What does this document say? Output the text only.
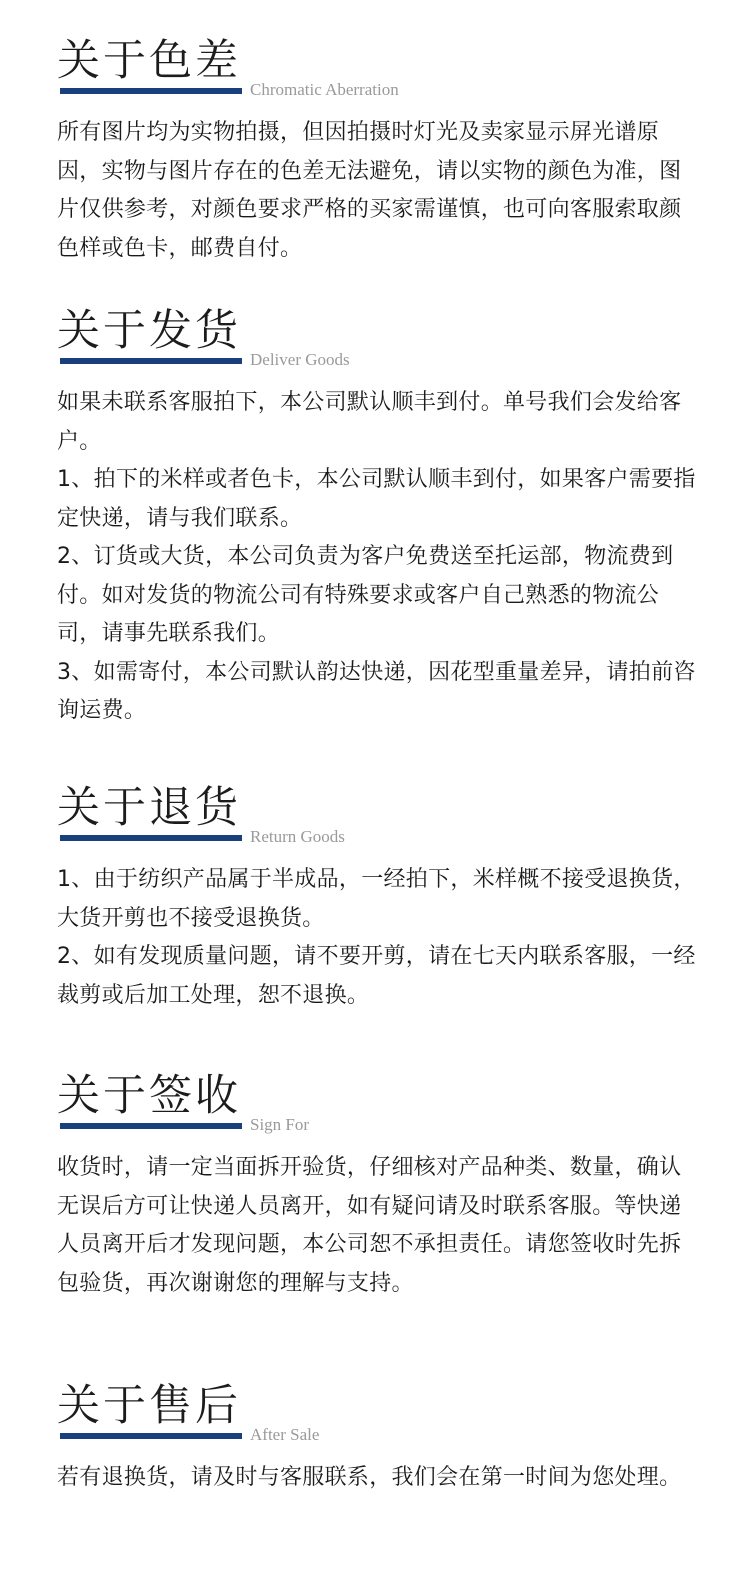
关于色差
Chromatic Aberration

所有图片均为实物拍摄，但因拍摄时灯光及卖家显示屏光谱原因，实物与图片存在的色差无法避免，请以实物的颜色为准，图片仅供参考，对颜色要求严格的买家需谨慎，也可向客服索取颜色样或色卡，邮费自付。

关于发货
Deliver Goods

如果未联系客服拍下，本公司默认顺丰到付。单号我们会发给客户。

1、拍下的米样或者色卡，本公司默认顺丰到付，如果客户需要指定快递，请与我们联系。

2、订货或大货，本公司负责为客户免费送至托运部，物流费到付。如对发货的物流公司有特殊要求或客户自己熟悉的物流公司，请事先联系我们。

3、如需寄付，本公司默认韵达快递，因花型重量差异，请拍前咨询运费。

关于退货
Return Goods

1、由于纺织产品属于半成品，一经拍下，米样概不接受退换货，大货开剪也不接受退换货。

2、如有发现质量问题，请不要开剪，请在七天内联系客服，一经裁剪或后加工处理，恕不退换。

关于签收
Sign For

收货时，请一定当面拆开验货，仔细核对产品种类、数量，确认无误后方可让快递人员离开，如有疑问请及时联系客服。等快递人员离开后才发现问题，本公司恕不承担责任。请您签收时先拆包验货，再次谢谢您的理解与支持。

关于售后
After Sale

若有退换货，请及时与客服联系，我们会在第一时间为您处理。
